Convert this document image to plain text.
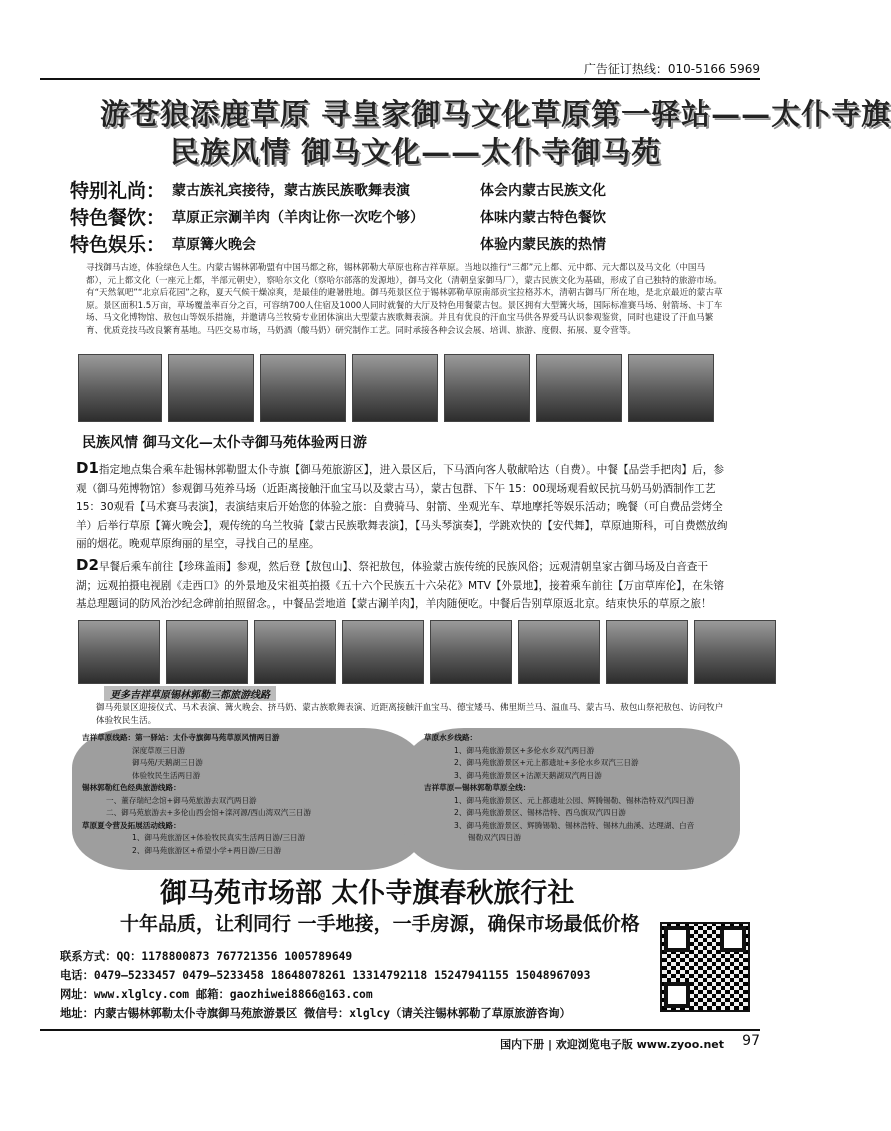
广告征订热线：010-5166 5969
游苍狼添鹿草原 寻皇家御马文化草原第一驿站——太仆寺旗
民族风情 御马文化——太仆寺御马苑
特别礼尚： 蒙古族礼宾接待，蒙古族民族歌舞表演	体会内蒙古民族文化
特色餐饮： 草原正宗涮羊肉（羊肉让你一次吃个够）	体味内蒙古特色餐饮
特色娱乐： 草原篝火晚会	体验内蒙民族的热情
寻找御马古迹，体验绿色人生。内蒙古锡林郭勒盟有中国马都之称，锡林郭勒大草原也称吉祥草原。当地以推行“三都”元上都、元中都、元大都以及马文化（中国马都），元上都文化（一座元上都，半部元朝史），察哈尔文化（察哈尔部落的发源地），御马文化（清朝皇家御马厂），蒙古民族文化为基础，形成了自己独特的旅游市场。有“天然氧吧”“北京后花园”之称，夏天气候干燥凉爽，是最佳的避暑胜地。御马苑景区位于锡林郭勒草原南部贡宝拉格苏木，清朝古御马厂所在地，是北京最近的蒙古草原。景区面积1.5万亩，草场覆盖率百分之百，可容纳700人住宿及1000人同时就餐的大厅及特色用餐蒙古包。景区拥有大型篝火场，国际标准赛马场、射箭场、卡丁车场、马文化博物馆、敖包山等娱乐措施，并邀请乌兰牧骑专业团体演出大型蒙古族歌舞表演。并且有优良的汗血宝马供各界爱马认识参观鉴赏，同时也建设了汗血马繁育、优质竞技马改良繁育基地。马匹交易市场，马奶酒（酸马奶）研究制作工艺。同时承接各种会议会展、培训、旅游、度假、拓展、夏令营等。
民族风情 御马文化—太仆寺御马苑体验两日游
D1指定地点集合乘车赴锡林郭勒盟太仆寺旗【御马苑旅游区】，进入景区后，下马酒向客人敬献哈达（自费）。中餐【品尝手把肉】后，参观（御马苑博物馆）参观御马苑养马场（近距离接触汗血宝马以及蒙古马），蒙古包群、下午 15：00现场观看蚁民抗马奶马奶酒制作工艺 15：30观看【马术赛马表演】，表演结束后开始您的体验之旅：自费骑马、射箭、坐观光车、草地摩托等娱乐活动；晚餐（可自费品尝烤全羊）后举行草原【篝火晚会】，观传统的乌兰牧骑【蒙古民族歌舞表演】，【马头琴演奏】，学跳欢快的【安代舞】，草原迪斯科，可自费燃放绚丽的烟花。晚观草原绚丽的星空，寻找自己的星座。
D2早餐后乘车前往【珍珠盖雨】参观，然后登【敖包山】、祭祀敖包，体验蒙古族传统的民族风俗；远观清朝皇家古御马场及白音查干湖；远观拍摄电视剧《走西口》的外景地及宋祖英拍摄《五十六个民族五十六朵花》MTV【外景地】，接着乘车前往【万亩草库伦】，在朱镕基总理题词的防风治沙纪念碑前拍照留念。，中餐品尝地道【蒙古涮羊肉】，羊肉随便吃。中餐后告别草原返北京。结束快乐的草原之旅！
更多吉祥草原锡林郭勒三都旅游线路
御马苑景区迎接仪式、马术表演、篝火晚会、挤马奶、蒙古族歌舞表演、近距离接触汗血宝马、德宝矮马、佛里斯兰马、温血马、蒙古马、敖包山祭祀敖包、访问牧户体验牧民生活。
吉祥草原线路：第一驿站：太仆寺旗御马苑草原风情两日游
深度草原三日游
御马苑/天鹅湖三日游
体验牧民生活两日游
锡林郭勒红色经典旅游线路：
一、董存瑞纪念馆+御马苑旅游去双汽两日游
二、御马苑旅游去+多伦山西会馆+滦河源/西山湾双汽三日游
草原夏令营及拓展活动线路：
1、御马苑旅游区+体验牧民真实生活两日游/三日游
2、御马苑旅游区+希望小学+两日游/三日游
草原水乡线路：
1、御马苑旅游景区+多伦水乡双汽两日游
2、御马苑旅游景区+元上都遗址+多伦水乡双汽三日游
3、御马苑旅游景区+沽源天鹅湖双汽两日游
吉祥草原—锡林郭勒草原全线：
1、御马苑旅游景区、元上都遗址公园、辉腾锡勒、锡林浩特双汽四日游
2、御马苑旅游景区、锡林浩特、西乌旗双汽四日游
3、御马苑旅游景区、辉腾锡勒、锡林浩特、锡林九曲溪、达理湖、白音
锡勒双汽四日游
御马苑市场部 太仆寺旗春秋旅行社
十年品质，让利同行 一手地接，一手房源，确保市场最低价格
联系方式：QQ：1178800873 767721356 1005789649
电话：0479—5233457 0479—5233458 18648078261 13314792118 15247941155 15048967093
网址：www.xlglcy.com 邮箱：gaozhiwei8866@163.com
地址：内蒙古锡林郭勒太仆寺旗御马苑旅游景区 微信号：xlglcy（请关注锡林郭勒了草原旅游咨询）
国内下册 | 欢迎浏览电子版 www.zyoo.net 97
